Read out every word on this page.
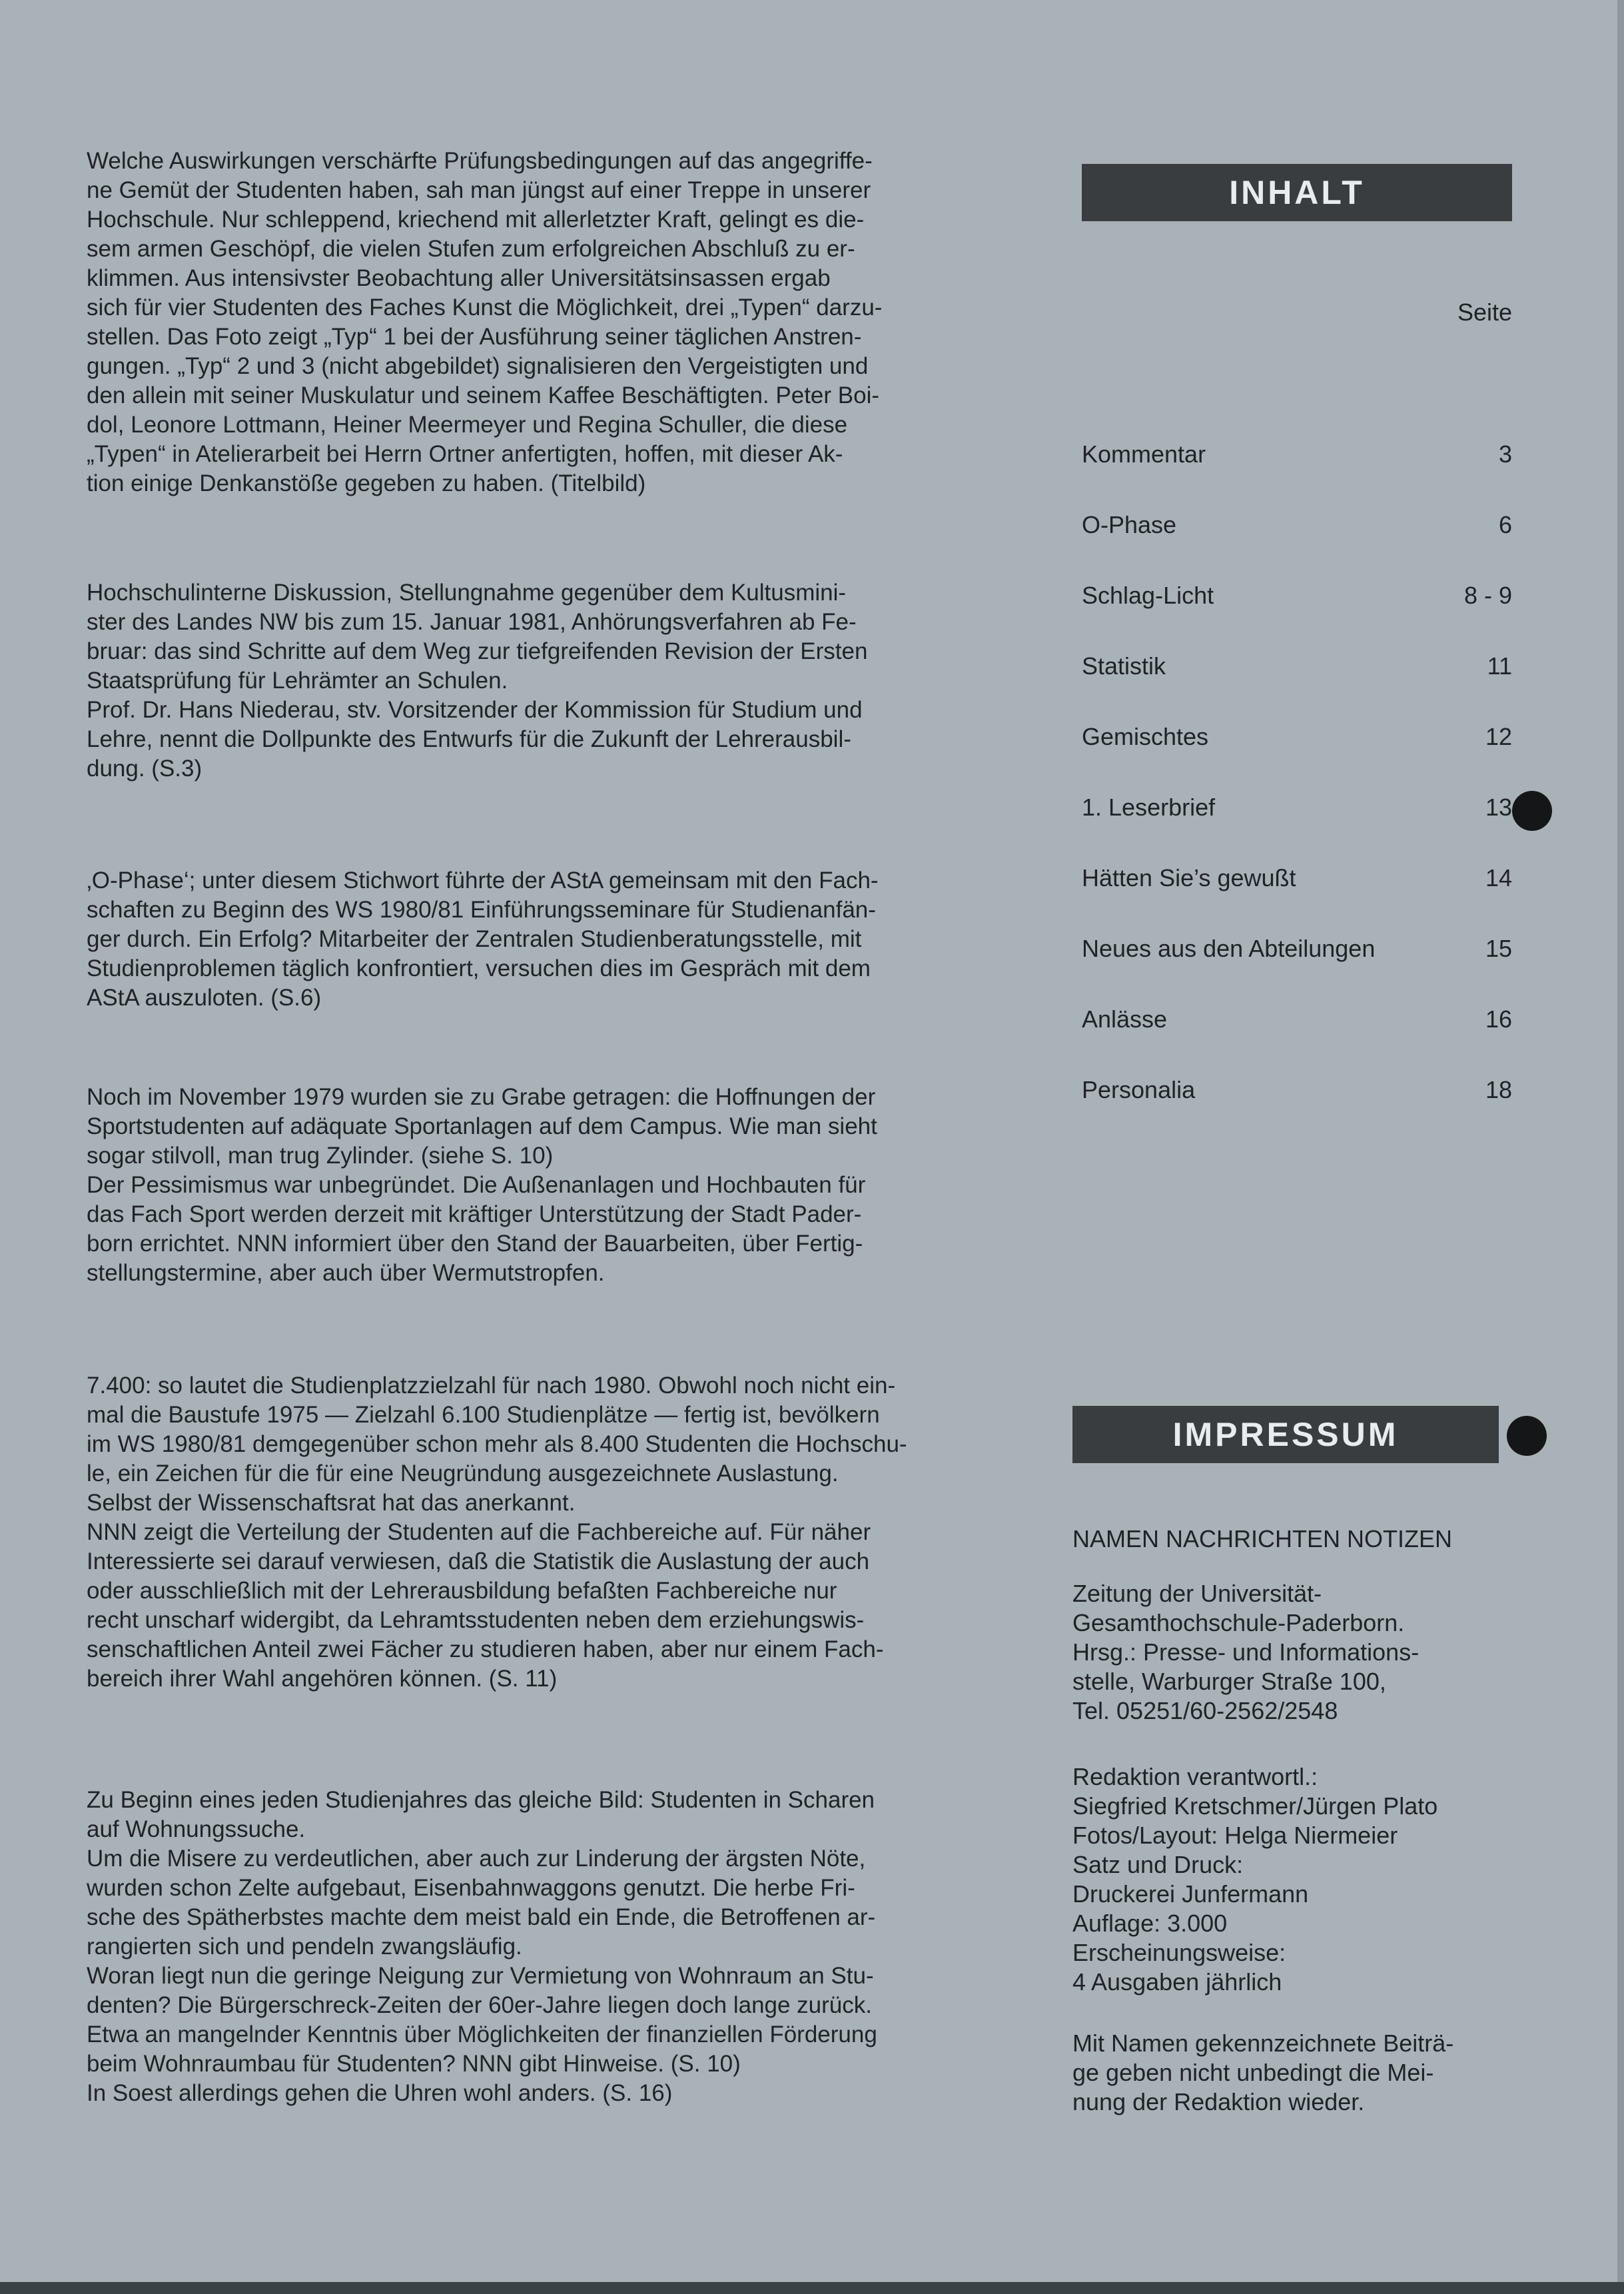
Welche Auswirkungen verschärfte Prüfungsbedingungen auf das angegriffe-
ne Gemüt der Studenten haben, sah man jüngst auf einer Treppe in unserer
Hochschule. Nur schleppend, kriechend mit allerletzter Kraft, gelingt es die-
sem armen Geschöpf, die vielen Stufen zum erfolgreichen Abschluß zu er-
klimmen. Aus intensivster Beobachtung aller Universitätsinsassen ergab
sich für vier Studenten des Faches Kunst die Möglichkeit, drei „Typen“ darzu-
stellen. Das Foto zeigt „Typ“ 1 bei der Ausführung seiner täglichen Anstren-
gungen. „Typ“ 2 und 3 (nicht abgebildet) signalisieren den Vergeistigten und
den allein mit seiner Muskulatur und seinem Kaffee Beschäftigten. Peter Boi-
dol, Leonore Lottmann, Heiner Meermeyer und Regina Schuller, die diese
„Typen“ in Atelierarbeit bei Herrn Ortner anfertigten, hoffen, mit dieser Ak-
tion einige Denkanstöße gegeben zu haben. (Titelbild)

Hochschulinterne Diskussion, Stellungnahme gegenüber dem Kultusmini-
ster des Landes NW bis zum 15. Januar 1981, Anhörungsverfahren ab Fe-
bruar: das sind Schritte auf dem Weg zur tiefgreifenden Revision der Ersten
Staatsprüfung für Lehrämter an Schulen.
Prof. Dr. Hans Niederau, stv. Vorsitzender der Kommission für Studium und
Lehre, nennt die Dollpunkte des Entwurfs für die Zukunft der Lehrerausbil-
dung. (S.3)

‚O-Phase‘; unter diesem Stichwort führte der AStA gemeinsam mit den Fach-
schaften zu Beginn des WS 1980/81 Einführungsseminare für Studienanfän-
ger durch. Ein Erfolg? Mitarbeiter der Zentralen Studienberatungsstelle, mit
Studienproblemen täglich konfrontiert, versuchen dies im Gespräch mit dem
AStA auszuloten. (S.6)

Noch im November 1979 wurden sie zu Grabe getragen: die Hoffnungen der
Sportstudenten auf adäquate Sportanlagen auf dem Campus. Wie man sieht
sogar stilvoll, man trug Zylinder. (siehe S. 10)
Der Pessimismus war unbegründet. Die Außenanlagen und Hochbauten für
das Fach Sport werden derzeit mit kräftiger Unterstützung der Stadt Pader-
born errichtet. NNN informiert über den Stand der Bauarbeiten, über Fertig-
stellungstermine, aber auch über Wermutstropfen.

7.400: so lautet die Studienplatzzielzahl für nach 1980. Obwohl noch nicht ein-
mal die Baustufe 1975 — Zielzahl 6.100 Studienplätze — fertig ist, bevölkern
im WS 1980/81 demgegenüber schon mehr als 8.400 Studenten die Hochschu-
le, ein Zeichen für die für eine Neugründung ausgezeichnete Auslastung.
Selbst der Wissenschaftsrat hat das anerkannt.
NNN zeigt die Verteilung der Studenten auf die Fachbereiche auf. Für näher
Interessierte sei darauf verwiesen, daß die Statistik die Auslastung der auch
oder ausschließlich mit der Lehrerausbildung befaßten Fachbereiche nur
recht unscharf widergibt, da Lehramtsstudenten neben dem erziehungswis-
senschaftlichen Anteil zwei Fächer zu studieren haben, aber nur einem Fach-
bereich ihrer Wahl angehören können. (S. 11)

Zu Beginn eines jeden Studienjahres das gleiche Bild: Studenten in Scharen
auf Wohnungssuche.
Um die Misere zu verdeutlichen, aber auch zur Linderung der ärgsten Nöte,
wurden schon Zelte aufgebaut, Eisenbahnwaggons genutzt. Die herbe Fri-
sche des Spätherbstes machte dem meist bald ein Ende, die Betroffenen ar-
rangierten sich und pendeln zwangsläufig.
Woran liegt nun die geringe Neigung zur Vermietung von Wohnraum an Stu-
denten? Die Bürgerschreck-Zeiten der 60er-Jahre liegen doch lange zurück.
Etwa an mangelnder Kenntnis über Möglichkeiten der finanziellen Förderung
beim Wohnraumbau für Studenten? NNN gibt Hinweise. (S. 10)
In Soest allerdings gehen die Uhren wohl anders. (S. 16)

INHALT
Seite
Kommentar	3
O-Phase	6
Schlag-Licht	8 - 9
Statistik	11
Gemischtes	12
1. Leserbrief	13
Hätten Sie’s gewußt	14
Neues aus den Abteilungen	15
Anlässe	16
Personalia	18
IMPRESSUM

NAMEN NACHRICHTEN NOTIZEN

Zeitung der Universität-
Gesamthochschule-Paderborn.
Hrsg.: Presse- und Informations-
stelle, Warburger Straße 100,
Tel. 05251/60-2562/2548

Redaktion verantwortl.:
Siegfried Kretschmer/Jürgen Plato
Fotos/Layout: Helga Niermeier
Satz und Druck:
Druckerei Junfermann
Auflage: 3.000
Erscheinungsweise:
4 Ausgaben jährlich

Mit Namen gekennzeichnete Beiträ-
ge geben nicht unbedingt die Mei-
nung der Redaktion wieder.
